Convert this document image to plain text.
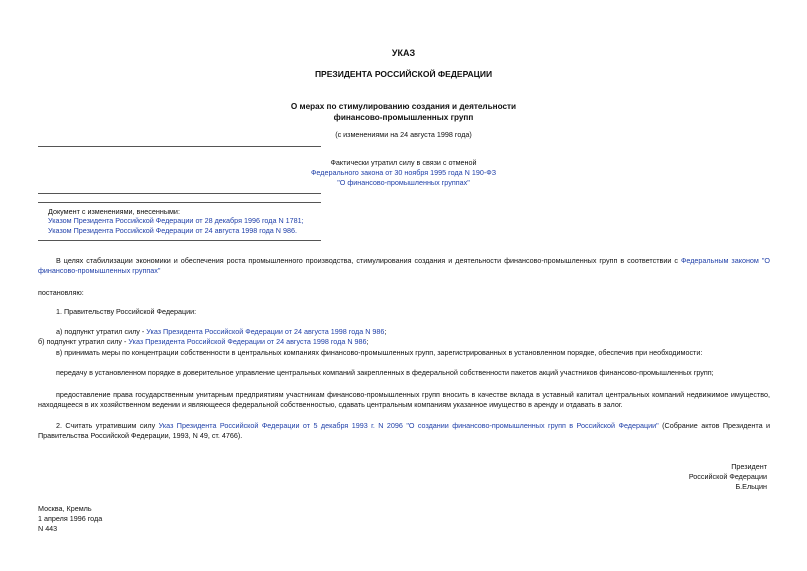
УКАЗ
ПРЕЗИДЕНТА РОССИЙСКОЙ ФЕДЕРАЦИИ
О мерах по стимулированию создания и деятельности
финансово-промышленных групп
(с изменениями на 24 августа 1998 года)
Фактически утратил силу в связи с отменой
Федерального закона от 30 ноября 1995 года N 190-ФЗ
"О финансово-промышленных группах"
Документ с изменениями, внесенными:
Указом Президента Российской Федерации от 28 декабря 1996 года N 1781;
Указом Президента Российской Федерации от 24 августа 1998 года N 986.
В целях стабилизации экономики и обеспечения роста промышленного производства, стимулирования создания и деятельности финансово-промышленных групп в соответствии с Федеральным законом "О финансово-промышленных группах"
постановляю:
1. Правительству Российской Федерации:
а) подпункт утратил силу - Указ Президента Российской Федерации от 24 августа 1998 года N 986;
б) подпункт утратил силу - Указ Президента Российской Федерации от 24 августа 1998 года N 986;
в) принимать меры по концентрации собственности в центральных компаниях финансово-промышленных групп, зарегистрированных в установленном порядке, обеспечив при необходимости:
передачу в установленном порядке в доверительное управление центральных компаний закрепленных в федеральной собственности пакетов акций участников финансово-промышленных групп;
предоставление права государственным унитарным предприятиям участникам финансово-промышленных групп вносить в качестве вклада в уставный капитал центральных компаний недвижимое имущество, находящееся в их хозяйственном ведении и являющееся федеральной собственностью, сдавать центральным компаниям указанное имущество в аренду и отдавать в залог.
2. Считать утратившим силу Указ Президента Российской Федерации от 5 декабря 1993 г. N 2096 "О создании финансово-промышленных групп в Российской Федерации" (Собрание актов Президента и Правительства Российской Федерации, 1993, N 49, ст. 4766).
Президент
Российской Федерации
Б.Ельцин
Москва, Кремль
1 апреля 1996 года
N 443
